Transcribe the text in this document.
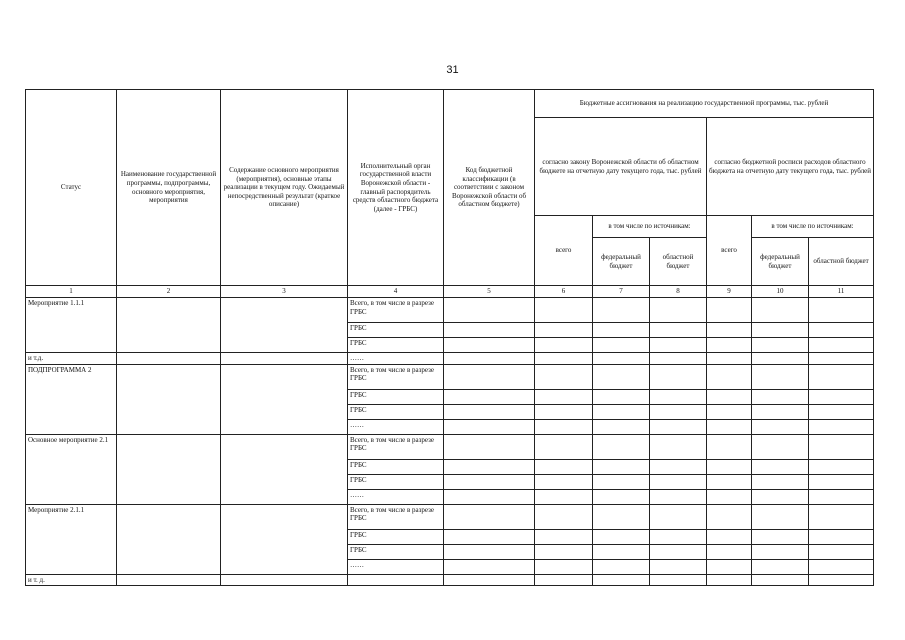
31
Статус	Наименование государственной программы, подпрограммы, основного мероприятия, мероприятия	Содержание основного мероприятия (мероприятия), основные этапы реализации в текущем году. Ожидаемый непосредственный результат (краткое описание)	Исполнительный орган государственной власти Воронежской области - главный распорядитель средств областного бюджета (далее - ГРБС)	Код бюджетной классификации (в соответствии с законом Воронежской области об областном бюджете)	Бюджетные ассигнования на реализацию государственной программы, тыс. рублей					
					согласно закону Воронежской области об областном бюджете на отчетную дату текущего года, тыс. рублей			согласно бюджетной росписи расходов областного бюджета на отчетную дату текущего года, тыс. рублей		
					всего	в том числе по источникам:		всего	в том числе по источникам:	
						федеральный бюджет	областной бюджет		федеральный бюджет	областной бюджет
1	2	3	4	5	6	7	8	9	10	11
Мероприятие 1.1.1			Всего, в том числе в разрезе ГРБС							
			ГРБС							
			ГРБС							
и т.д.			……							
ПОДПРОГРАММА 2			Всего, в том числе в разрезе ГРБС							
			ГРБС							
			ГРБС							
			……							
Основное мероприятие 2.1			Всего, в том числе в разрезе ГРБС							
			ГРБС							
			ГРБС							
			……							
Мероприятие 2.1.1			Всего, в том числе в разрезе ГРБС							
			ГРБС							
			ГРБС							
			……							
и т. д.										
